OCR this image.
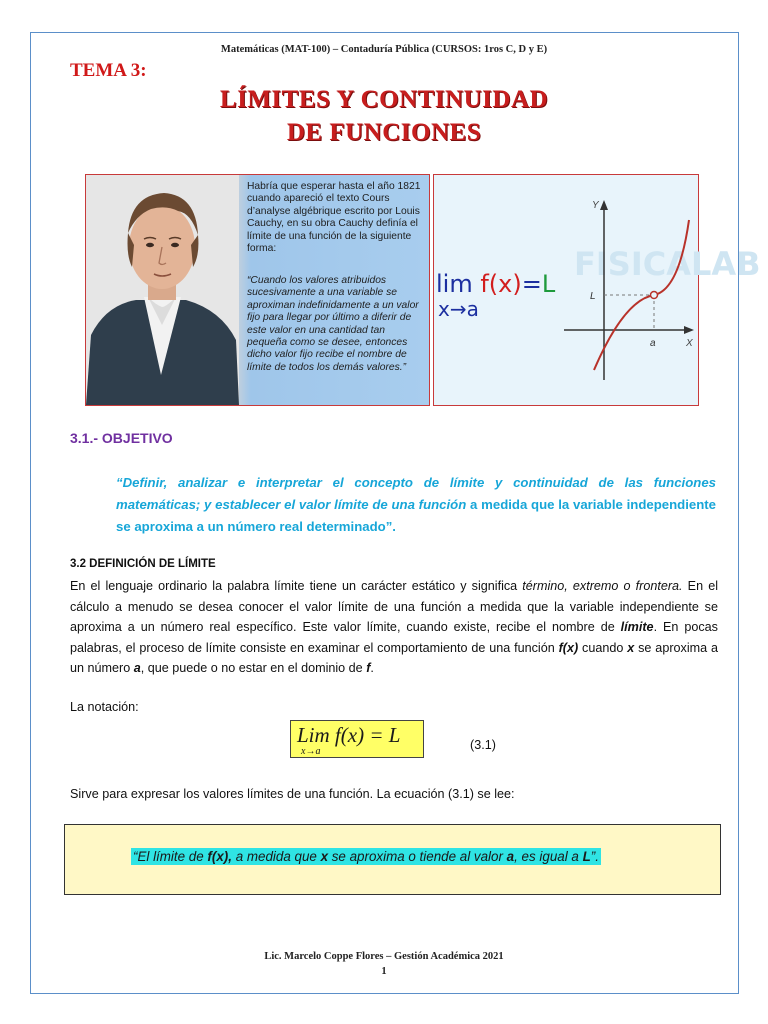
Matemáticas (MAT-100) – Contaduría Pública (CURSOS: 1ros C, D y E)
TEMA 3:
LÍMITES Y CONTINUIDAD
DE FUNCIONES
Habría que esperar hasta el año 1821 cuando apareció el texto Cours d’analyse algébrique escrito por Louis Cauchy, en su obra Cauchy definía el límite de una función de la siguiente forma:
“Cuando los valores atribuidos sucesivamente a una variable se aproximan indefinidamente a un valor fijo para llegar por último a diferir de este valor en una cantidad tan pequeña como se desee, entonces dicho valor fijo recibe el nombre de límite de todos los demás valores.”
lim f(x)=L
x→a
FISICALAB
Y
X
L
a
3.1.- OBJETIVO
“Definir, analizar e interpretar el concepto de límite y continuidad de las funciones matemáticas; y establecer el valor límite de una función a medida que la variable independiente se aproxima a un número real determinado”.
3.2 DEFINICIÓN DE LÍMITE
En el lenguaje ordinario la palabra límite tiene un carácter estático y significa término, extremo o frontera. En el cálculo a menudo se desea conocer el valor límite de una función a medida que la variable independiente se aproxima a un número real específico. Este valor límite, cuando existe, recibe el nombre de límite. En pocas palabras, el proceso de límite consiste en examinar el comportamiento de una función f(x) cuando x se aproxima a un número a, que puede o no estar en el dominio de f.
La notación:
Lim f(x) = L
x→a	(3.1)
Sirve para expresar los valores límites de una función. La ecuación (3.1) se lee:
“El límite de f(x), a medida que x se aproxima o tiende al valor a, es igual a L”.
Lic. Marcelo Coppe Flores – Gestión Académica 2021
1
